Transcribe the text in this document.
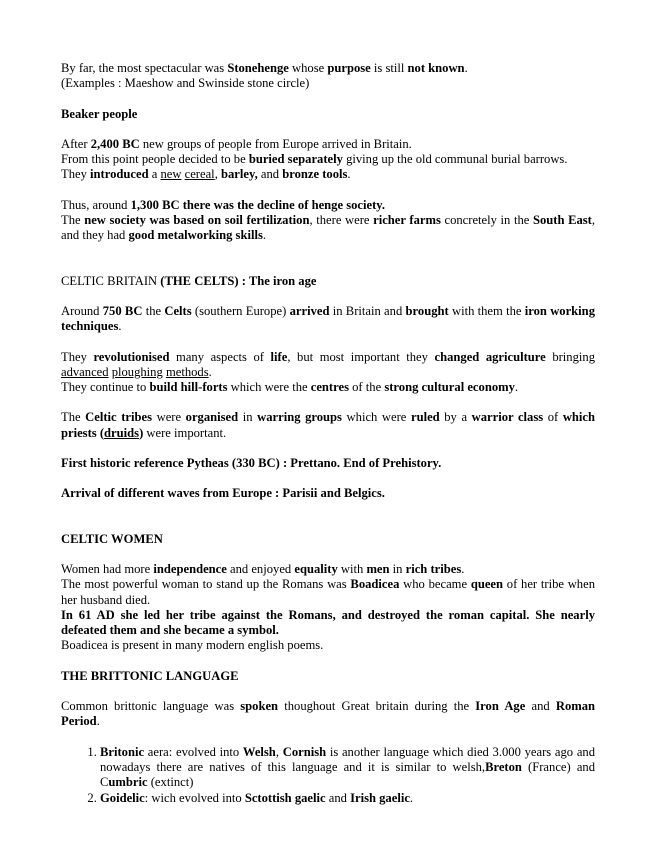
By far, the most spectacular was Stonehenge whose purpose is still not known.
(Examples : Maeshow and Swinside stone circle)

Beaker people

After 2,400 BC new groups of people from Europe arrived in Britain.
From this point people decided to be buried separately giving up the old communal burial barrows.
They introduced a new cereal, barley, and bronze tools.

Thus, around 1,300 BC there was the decline of henge society.
The new society was based on soil fertilization, there were richer farms concretely in the South East, and they had good metalworking skills.

CELTIC BRITAIN (THE CELTS) : The iron age

Around 750 BC the Celts (southern Europe) arrived in Britain and brought with them the iron working techniques.

They revolutionised many aspects of life, but most important they changed agriculture bringing advanced ploughing methods.
They continue to build hill-forts which were the centres of the strong cultural economy.

The Celtic tribes were organised in warring groups which were ruled by a warrior class of which priests (druids) were important.

First historic reference Pytheas (330 BC) : Prettano. End of Prehistory.

Arrival of different waves from Europe : Parisii and Belgics.

CELTIC WOMEN

Women had more independence and enjoyed equality with men in rich tribes.
The most powerful woman to stand up the Romans was Boadicea who became queen of her tribe when her husband died.
In 61 AD she led her tribe against the Romans, and destroyed the roman capital. She nearly defeated them and she became a symbol.
Boadicea is present in many modern english poems.

THE BRITTONIC LANGUAGE

Common brittonic language was spoken thoughout Great britain during the Iron Age and Roman Period.

1. Britonic aera: evolved into Welsh, Cornish is another language which died 3.000 years ago and nowadays there are natives of this language and it is similar to welsh,Breton (France) and Cumbric (extinct)
2. Goidelic: wich evolved into Sctottish gaelic and Irish gaelic.
